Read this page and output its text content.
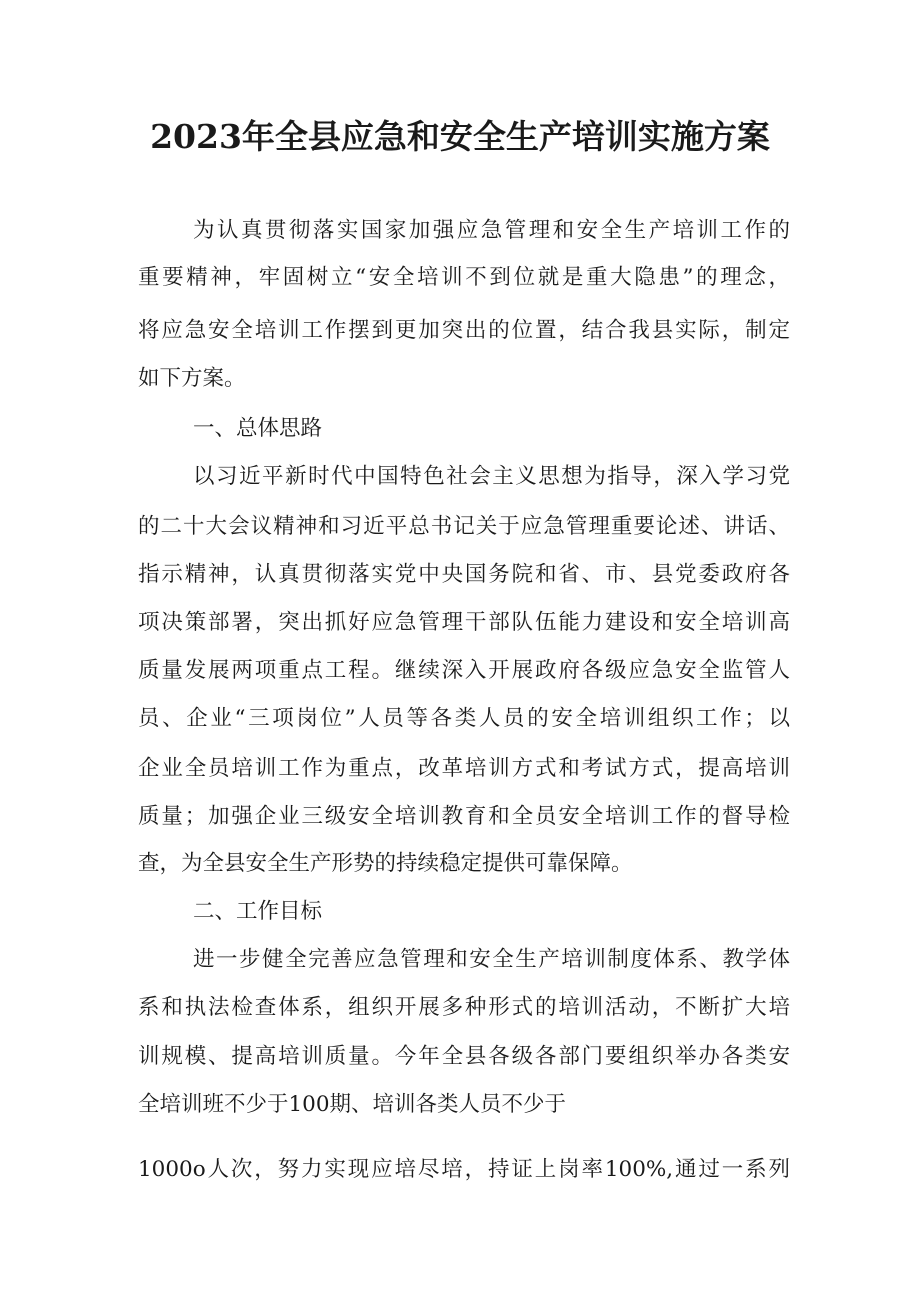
2023年全县应急和安全生产培训实施方案
为认真贯彻落实国家加强应急管理和安全生产培训工作的
重要精神，牢固树立“安全培训不到位就是重大隐患”的理念，
将应急安全培训工作摆到更加突出的位置，结合我县实际，制定
如下方案。
一、总体思路
以习近平新时代中国特色社会主义思想为指导，深入学习党
的二十大会议精神和习近平总书记关于应急管理重要论述、讲话、
指示精神，认真贯彻落实党中央国务院和省、市、县党委政府各
项决策部署，突出抓好应急管理干部队伍能力建设和安全培训高
质量发展两项重点工程。继续深入开展政府各级应急安全监管人
员、企业“三项岗位”人员等各类人员的安全培训组织工作；以
企业全员培训工作为重点，改革培训方式和考试方式，提高培训
质量；加强企业三级安全培训教育和全员安全培训工作的督导检
查，为全县安全生产形势的持续稳定提供可靠保障。
二、工作目标
进一步健全完善应急管理和安全生产培训制度体系、教学体
系和执法检查体系，组织开展多种形式的培训活动，不断扩大培
训规模、提高培训质量。今年全县各级各部门要组织举办各类安
全培训班不少于100期、培训各类人员不少于
1000o人次，努力实现应培尽培，持证上岗率100%,通过一系列
